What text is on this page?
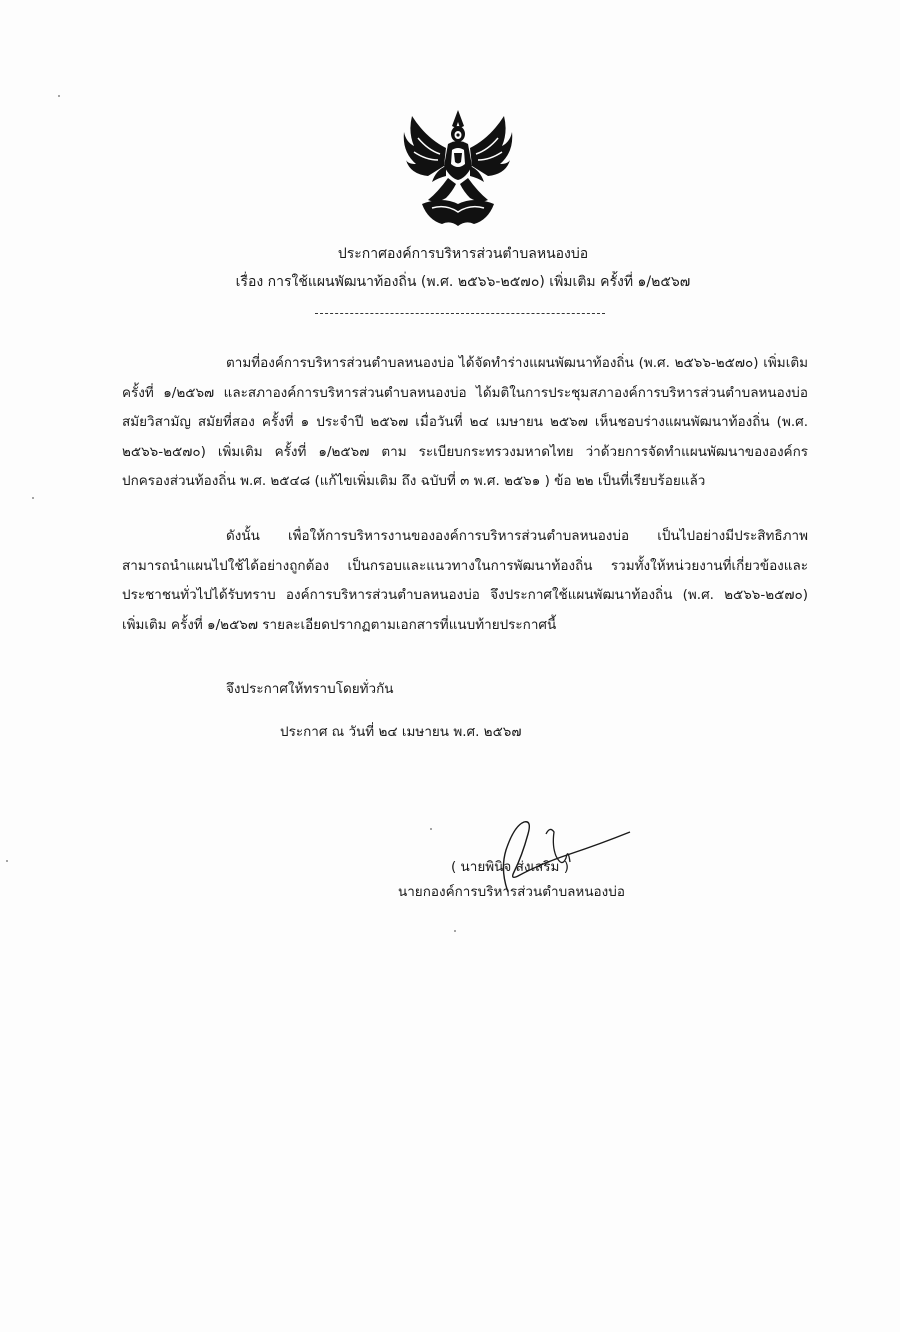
ประกาศองค์การบริหารส่วนตำบลหนองบ่อ
เรื่อง การใช้แผนพัฒนาท้องถิ่น (พ.ศ. ๒๕๖๖-๒๕๗๐) เพิ่มเติม ครั้งที่ ๑/๒๕๖๗

ตามที่องค์การบริหารส่วนตำบลหนองบ่อ ได้จัดทำร่างแผนพัฒนาท้องถิ่น (พ.ศ. ๒๕๖๖-๒๕๗๐) เพิ่มเติม ครั้งที่ ๑/๒๕๖๗ และสภาองค์การบริหารส่วนตำบลหนองบ่อ ได้มติในการประชุมสภาองค์การบริหารส่วนตำบลหนองบ่อ สมัยวิสามัญ สมัยที่สอง ครั้งที่ ๑ ประจำปี ๒๕๖๗ เมื่อวันที่ ๒๔ เมษายน ๒๕๖๗ เห็นชอบร่างแผนพัฒนาท้องถิ่น (พ.ศ. ๒๕๖๖-๒๕๗๐) เพิ่มเติม ครั้งที่ ๑/๒๕๖๗ ตาม ระเบียบกระทรวงมหาดไทย ว่าด้วยการจัดทำแผนพัฒนาขององค์กรปกครองส่วนท้องถิ่น พ.ศ. ๒๕๔๘ (แก้ไขเพิ่มเติม ถึง ฉบับที่ ๓ พ.ศ. ๒๕๖๑ ) ข้อ ๒๒ เป็นที่เรียบร้อยแล้ว

ดังนั้น เพื่อให้การบริหารงานขององค์การบริหารส่วนตำบลหนองบ่อ เป็นไปอย่างมีประสิทธิภาพ สามารถนำแผนไปใช้ได้อย่างถูกต้อง เป็นกรอบและแนวทางในการพัฒนาท้องถิ่น รวมทั้งให้หน่วยงานที่เกี่ยวข้องและประชาชนทั่วไปได้รับทราบ องค์การบริหารส่วนตำบลหนองบ่อ จึงประกาศใช้แผนพัฒนาท้องถิ่น (พ.ศ. ๒๕๖๖-๒๕๗๐) เพิ่มเติม ครั้งที่ ๑/๒๕๖๗ รายละเอียดปรากฏตามเอกสารที่แนบท้ายประกาศนี้

จึงประกาศให้ทราบโดยทั่วกัน
ประกาศ ณ วันที่ ๒๔ เมษายน พ.ศ. ๒๕๖๗
( นายพินิจ ส่งเสริม )
นายกองค์การบริหารส่วนตำบลหนองบ่อ
